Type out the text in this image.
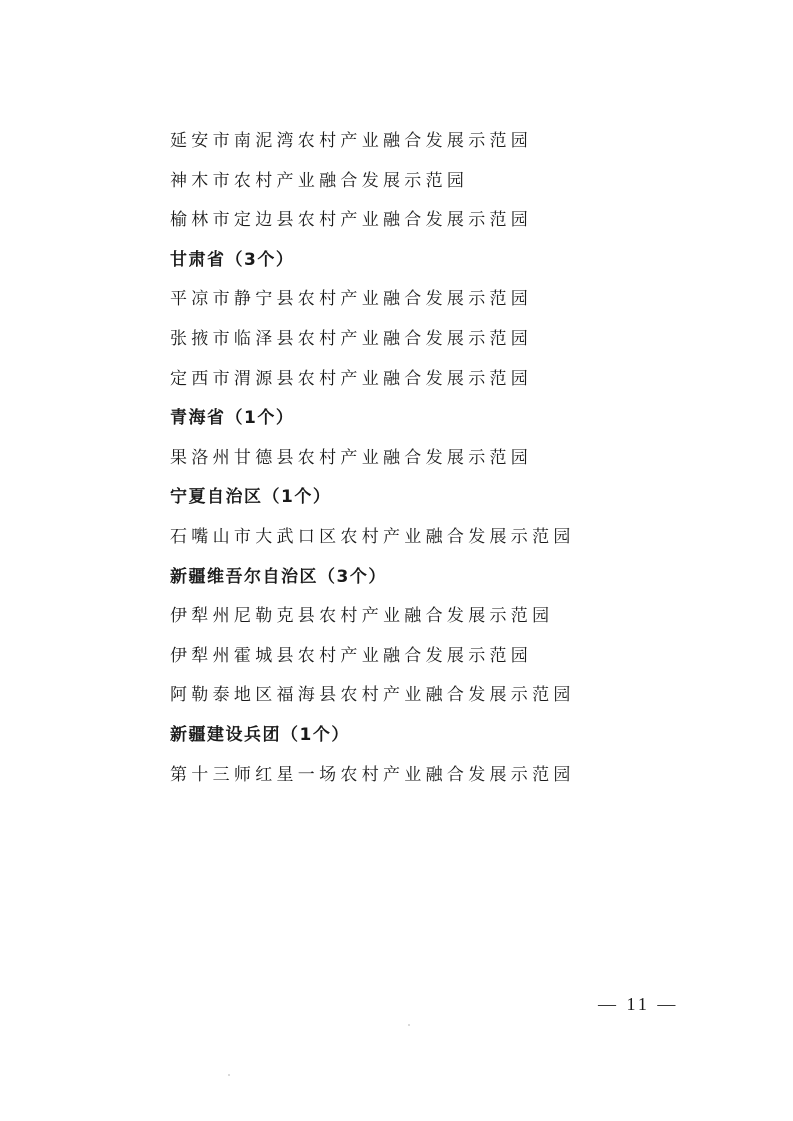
延安市南泥湾农村产业融合发展示范园
神木市农村产业融合发展示范园
榆林市定边县农村产业融合发展示范园
甘肃省（3个）
平凉市静宁县农村产业融合发展示范园
张掖市临泽县农村产业融合发展示范园
定西市渭源县农村产业融合发展示范园
青海省（1个）
果洛州甘德县农村产业融合发展示范园
宁夏自治区（1个）
石嘴山市大武口区农村产业融合发展示范园
新疆维吾尔自治区（3个）
伊犁州尼勒克县农村产业融合发展示范园
伊犁州霍城县农村产业融合发展示范园
阿勒泰地区福海县农村产业融合发展示范园
新疆建设兵团（1个）
第十三师红星一场农村产业融合发展示范园
— 11 —
